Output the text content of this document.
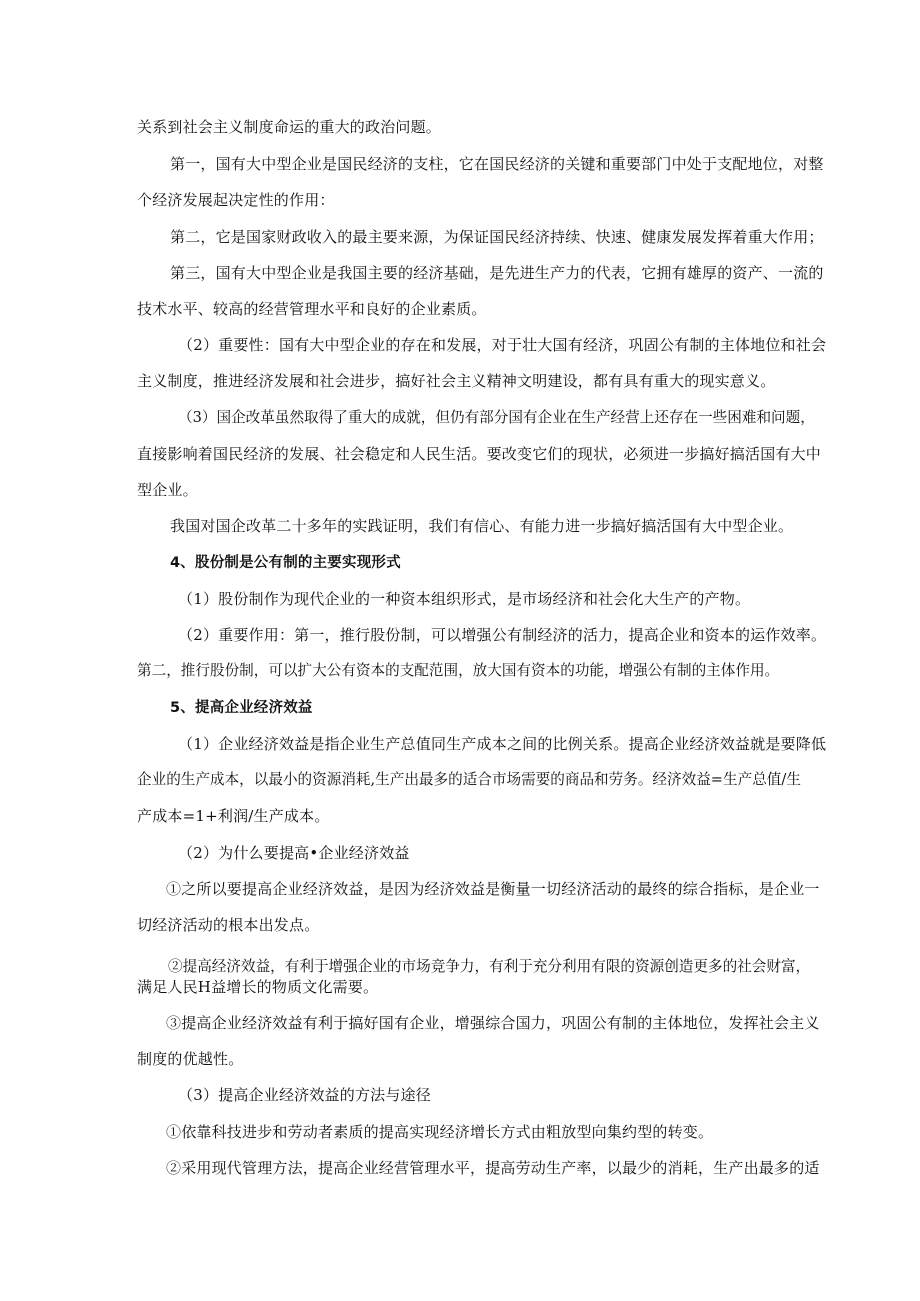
关系到社会主义制度命运的重大的政治问题。
第一，国有大中型企业是国民经济的支柱，它在国民经济的关键和重要部门中处于支配地位，对整
个经济发展起决定性的作用：
第二，它是国家财政收入的最主要来源，为保证国民经济持续、快速、健康发展发挥着重大作用；
第三，国有大中型企业是我国主要的经济基础，是先进生产力的代表，它拥有雄厚的资产、一流的
技术水平、较高的经营管理水平和良好的企业素质。
（2）重要性：国有大中型企业的存在和发展，对于壮大国有经济，巩固公有制的主体地位和社会
主义制度，推进经济发展和社会进步，搞好社会主义精神文明建设，都有具有重大的现实意义。
（3）国企改革虽然取得了重大的成就，但仍有部分国有企业在生产经营上还存在一些困难和问题，
直接影响着国民经济的发展、社会稳定和人民生活。要改变它们的现状，必须进一步搞好搞活国有大中
型企业。
我国对国企改革二十多年的实践证明，我们有信心、有能力进一步搞好搞活国有大中型企业。
4、股份制是公有制的主要实现形式
（1）股份制作为现代企业的一种资本组织形式，是市场经济和社会化大生产的产物。
（2）重要作用：第一，推行股份制，可以增强公有制经济的活力，提高企业和资本的运作效率。
第二，推行股份制，可以扩大公有资本的支配范围，放大国有资本的功能，增强公有制的主体作用。
5、提高企业经济效益
（1）企业经济效益是指企业生产总值同生产成本之间的比例关系。提高企业经济效益就是要降低
企业的生产成本，以最小的资源消耗,生产出最多的适合市场需要的商品和劳务。经济效益=生产总值/生
产成本=1+利润/生产成本。
（2）为什么要提高•企业经济效益
①之所以要提高企业经济效益，是因为经济效益是衡量一切经济活动的最终的综合指标，是企业一
切经济活动的根本出发点。
②提高经济效益，有利于增强企业的市场竞争力，有利于充分利用有限的资源创造更多的社会财富，
满足人民H益增长的物质文化需要。
③提高企业经济效益有利于搞好国有企业，增强综合国力，巩固公有制的主体地位，发挥社会主义
制度的优越性。
（3）提高企业经济效益的方法与途径
①依靠科技进步和劳动者素质的提高实现经济增长方式由粗放型向集约型的转变。
②采用现代管理方法，提高企业经营管理水平，提高劳动生产率，以最少的消耗，生产出最多的适
